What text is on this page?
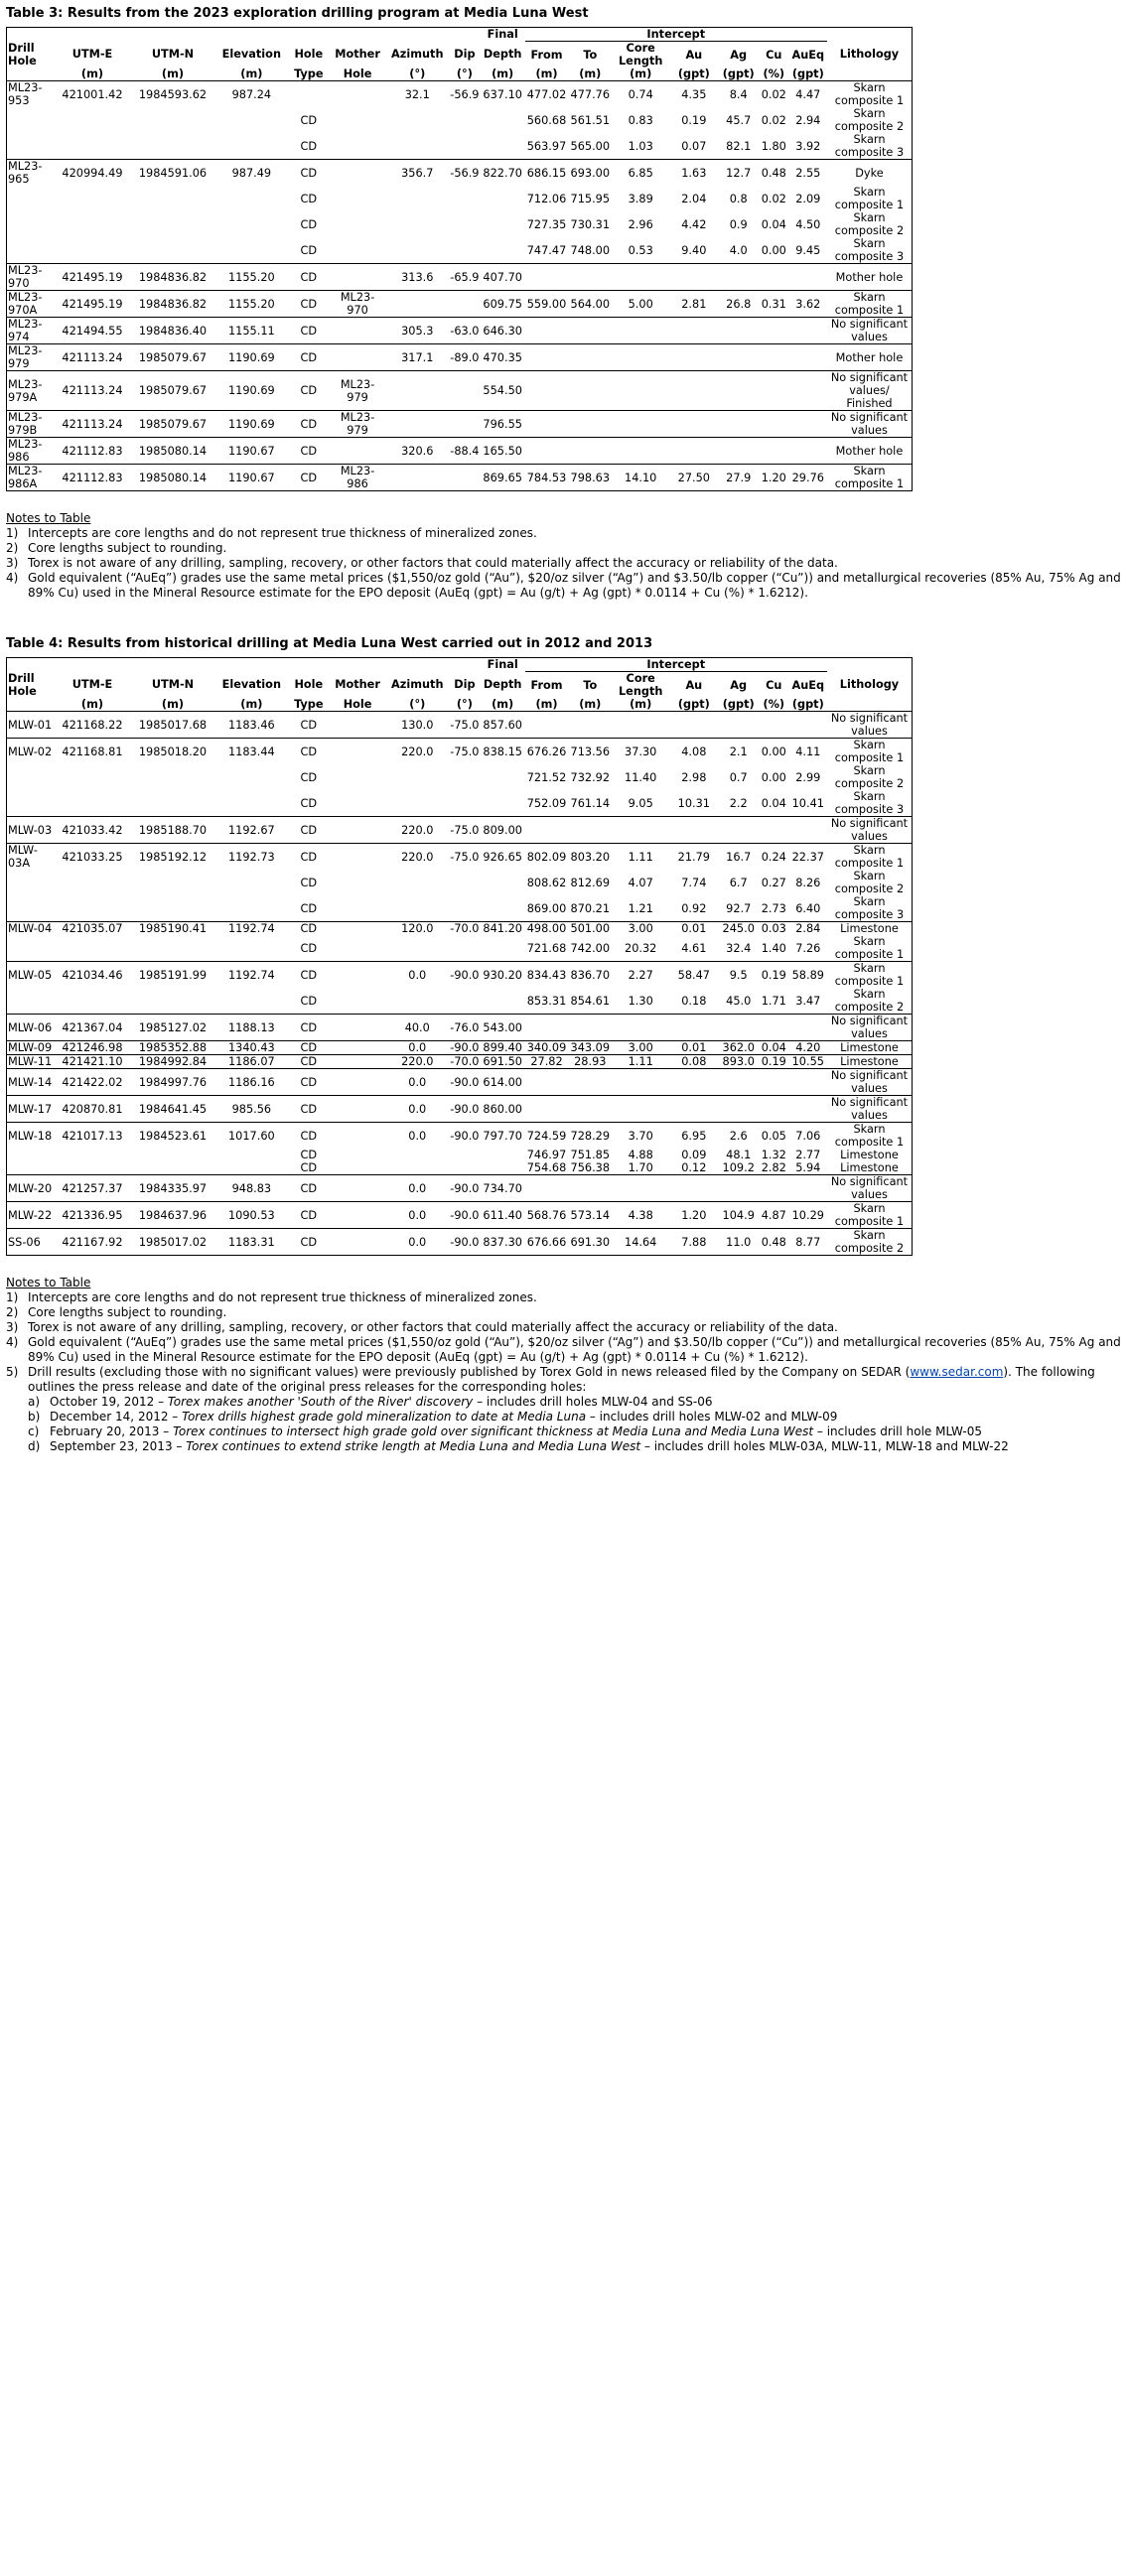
Table 3: Results from the 2023 exploration drilling program at Media Luna West
								Final	Intercept							
Drill Hole	UTM-E	UTM-N	Elevation	Hole	Mother	Azimuth	Dip	Depth	From	To	Core Length	Au	Ag	Cu	AuEq	Lithology
	(m)	(m)	(m)	Type	Hole	(°)	(°)	(m)	(m)	(m)	(m)	(gpt)	(gpt)	(%)	(gpt)	
ML23-953	421001.42	1984593.62	987.24			32.1	-56.9	637.10	477.02	477.76	0.74	4.35	8.4	0.02	4.47	Skarn composite 1
				CD					560.68	561.51	0.83	0.19	45.7	0.02	2.94	Skarn composite 2
				CD					563.97	565.00	1.03	0.07	82.1	1.80	3.92	Skarn composite 3
ML23-965	420994.49	1984591.06	987.49	CD		356.7	-56.9	822.70	686.15	693.00	6.85	1.63	12.7	0.48	2.55	Dyke
				CD					712.06	715.95	3.89	2.04	0.8	0.02	2.09	Skarn composite 1
				CD					727.35	730.31	2.96	4.42	0.9	0.04	4.50	Skarn composite 2
				CD					747.47	748.00	0.53	9.40	4.0	0.00	9.45	Skarn composite 3
ML23-970	421495.19	1984836.82	1155.20	CD		313.6	-65.9	407.70								Mother hole
ML23-970A	421495.19	1984836.82	1155.20	CD	ML23-970			609.75	559.00	564.00	5.00	2.81	26.8	0.31	3.62	Skarn composite 1
ML23-974	421494.55	1984836.40	1155.11	CD		305.3	-63.0	646.30								No significant values
ML23-979	421113.24	1985079.67	1190.69	CD		317.1	-89.0	470.35								Mother hole
ML23-979A	421113.24	1985079.67	1190.69	CD	ML23-979			554.50								No significant values/ Finished
ML23-979B	421113.24	1985079.67	1190.69	CD	ML23-979			796.55								No significant values
ML23-986	421112.83	1985080.14	1190.67	CD		320.6	-88.4	165.50								Mother hole
ML23-986A	421112.83	1985080.14	1190.67	CD	ML23-986			869.65	784.53	798.63	14.10	27.50	27.9	1.20	29.76	Skarn composite 1
Notes to Table
1) Intercepts are core lengths and do not represent true thickness of mineralized zones.
2) Core lengths subject to rounding.
3) Torex is not aware of any drilling, sampling, recovery, or other factors that could materially affect the accuracy or reliability of the data.
4) Gold equivalent (“AuEq”) grades use the same metal prices ($1,550/oz gold (“Au”), $20/oz silver (“Ag”) and $3.50/lb copper (“Cu”)) and metallurgical recoveries (85% Au, 75% Ag and 89% Cu) used in the Mineral Resource estimate for the EPO deposit (AuEq (gpt) = Au (g/t) + Ag (gpt) * 0.0114 + Cu (%) * 1.6212).
Table 4: Results from historical drilling at Media Luna West carried out in 2012 and 2013
								Final	Intercept							
Drill Hole	UTM-E	UTM-N	Elevation	Hole	Mother	Azimuth	Dip	Depth	From	To	Core Length	Au	Ag	Cu	AuEq	Lithology
	(m)	(m)	(m)	Type	Hole	(°)	(°)	(m)	(m)	(m)	(m)	(gpt)	(gpt)	(%)	(gpt)	
MLW-01	421168.22	1985017.68	1183.46	CD		130.0	-75.0	857.60								No significant values
MLW-02	421168.81	1985018.20	1183.44	CD		220.0	-75.0	838.15	676.26	713.56	37.30	4.08	2.1	0.00	4.11	Skarn composite 1
				CD					721.52	732.92	11.40	2.98	0.7	0.00	2.99	Skarn composite 2
				CD					752.09	761.14	9.05	10.31	2.2	0.04	10.41	Skarn composite 3
MLW-03	421033.42	1985188.70	1192.67	CD		220.0	-75.0	809.00								No significant values
MLW-03A	421033.25	1985192.12	1192.73	CD		220.0	-75.0	926.65	802.09	803.20	1.11	21.79	16.7	0.24	22.37	Skarn composite 1
				CD					808.62	812.69	4.07	7.74	6.7	0.27	8.26	Skarn composite 2
				CD					869.00	870.21	1.21	0.92	92.7	2.73	6.40	Skarn composite 3
MLW-04	421035.07	1985190.41	1192.74	CD		120.0	-70.0	841.20	498.00	501.00	3.00	0.01	245.0	0.03	2.84	Limestone
				CD					721.68	742.00	20.32	4.61	32.4	1.40	7.26	Skarn composite 1
MLW-05	421034.46	1985191.99	1192.74	CD		0.0	-90.0	930.20	834.43	836.70	2.27	58.47	9.5	0.19	58.89	Skarn composite 1
				CD					853.31	854.61	1.30	0.18	45.0	1.71	3.47	Skarn composite 2
MLW-06	421367.04	1985127.02	1188.13	CD		40.0	-76.0	543.00								No significant values
MLW-09	421246.98	1985352.88	1340.43	CD		0.0	-90.0	899.40	340.09	343.09	3.00	0.01	362.0	0.04	4.20	Limestone
MLW-11	421421.10	1984992.84	1186.07	CD		220.0	-70.0	691.50	27.82	28.93	1.11	0.08	893.0	0.19	10.55	Limestone
MLW-14	421422.02	1984997.76	1186.16	CD		0.0	-90.0	614.00								No significant values
MLW-17	420870.81	1984641.45	985.56	CD		0.0	-90.0	860.00								No significant values
MLW-18	421017.13	1984523.61	1017.60	CD		0.0	-90.0	797.70	724.59	728.29	3.70	6.95	2.6	0.05	7.06	Skarn composite 1
				CD					746.97	751.85	4.88	0.09	48.1	1.32	2.77	Limestone
				CD					754.68	756.38	1.70	0.12	109.2	2.82	5.94	Limestone
MLW-20	421257.37	1984335.97	948.83	CD		0.0	-90.0	734.70								No significant values
MLW-22	421336.95	1984637.96	1090.53	CD		0.0	-90.0	611.40	568.76	573.14	4.38	1.20	104.9	4.87	10.29	Skarn composite 1
SS-06	421167.92	1985017.02	1183.31	CD		0.0	-90.0	837.30	676.66	691.30	14.64	7.88	11.0	0.48	8.77	Skarn composite 2
Notes to Table
1) Intercepts are core lengths and do not represent true thickness of mineralized zones.
2) Core lengths subject to rounding.
3) Torex is not aware of any drilling, sampling, recovery, or other factors that could materially affect the accuracy or reliability of the data.
4) Gold equivalent (“AuEq”) grades use the same metal prices ($1,550/oz gold (“Au”), $20/oz silver (“Ag”) and $3.50/lb copper (“Cu”)) and metallurgical recoveries (85% Au, 75% Ag and 89% Cu) used in the Mineral Resource estimate for the EPO deposit (AuEq (gpt) = Au (g/t) + Ag (gpt) * 0.0114 + Cu (%) * 1.6212).
5) Drill results (excluding those with no significant values) were previously published by Torex Gold in news released filed by the Company on SEDAR (www.sedar.com). The following outlines the press release and date of the original press releases for the corresponding holes:
a) October 19, 2012 – Torex makes another 'South of the River' discovery – includes drill holes MLW-04 and SS-06
b) December 14, 2012 – Torex drills highest grade gold mineralization to date at Media Luna – includes drill holes MLW-02 and MLW-09
c) February 20, 2013 – Torex continues to intersect high grade gold over significant thickness at Media Luna and Media Luna West – includes drill hole MLW-05
d) September 23, 2013 – Torex continues to extend strike length at Media Luna and Media Luna West – includes drill holes MLW-03A, MLW-11, MLW-18 and MLW-22
